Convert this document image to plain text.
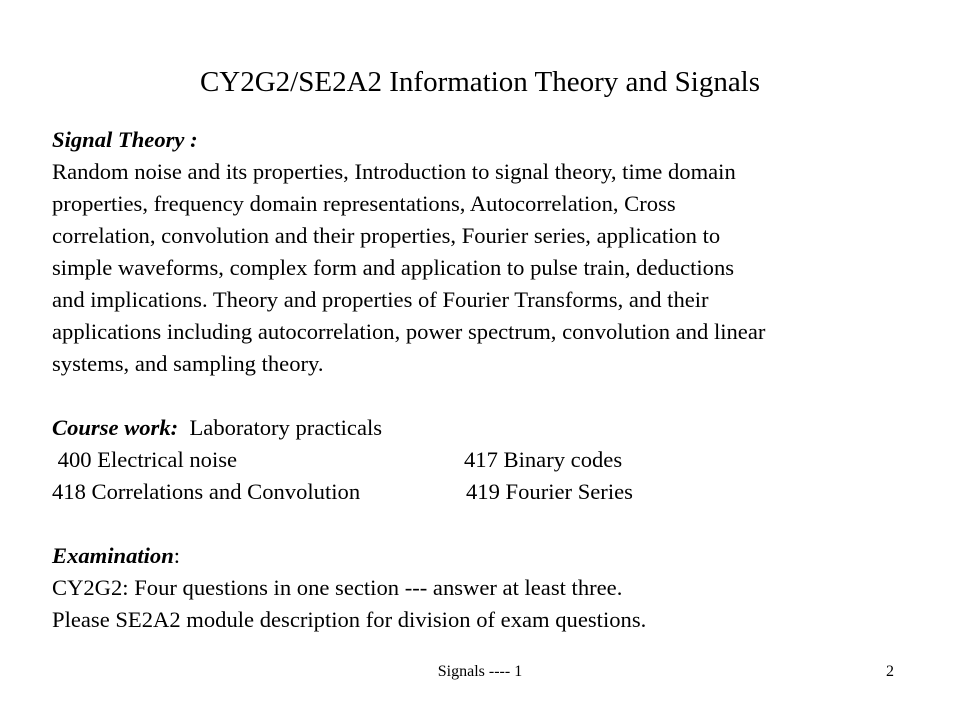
CY2G2/SE2A2 Information Theory and Signals
Signal Theory :
Random noise and its properties, Introduction to signal theory, time domain
properties, frequency domain representations, Autocorrelation, Cross
correlation, convolution and their properties, Fourier series, application to
simple waveforms, complex form and application to pulse train, deductions
and implications. Theory and properties of Fourier Transforms, and their
applications including autocorrelation, power spectrum, convolution and linear
systems, and sampling theory.
Course work:  Laboratory practicals
400 Electrical noise	417 Binary codes
418 Correlations and Convolution	419 Fourier Series
Examination:
CY2G2: Four questions in one section --- answer at least three.
Please SE2A2 module description for division of exam questions.
Signals ---- 1	2
